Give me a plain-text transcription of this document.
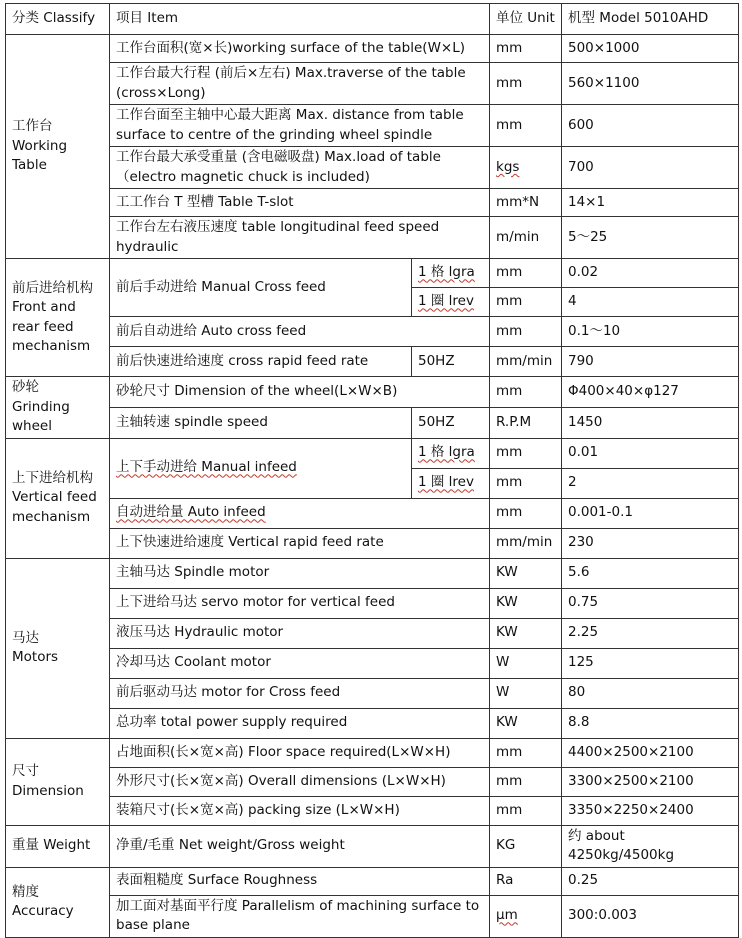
分类 Classify	项目 Item		单位 Unit	机型 Model 5010AHD
工作台
Working Table	工作台面积(宽×长)working surface of the table(W×L)		mm	500×1000
	工作台最大行程 (前后×左右) Max.traverse of the table (cross×Long)		mm	560×1100
	工作台面至主轴中心最大距离 Max. distance from table surface to centre of the grinding wheel spindle		mm	600
	工作台最大承受重量 (含电磁吸盘) Max.load of table （electro magnetic chuck is included)		kgs	700
	工工作台 T 型槽 Table T-slot		mm*N	14×1
	工作台左右液压速度 table longitudinal feed speed hydraulic		m/min	5～25
前后进给机构
Front and rear feed mechanism	前后手动进给 Manual Cross feed	1 格 lgra	mm	0.02
		1 圈 lrev	mm	4
	前后自动进给 Auto cross feed		mm	0.1～10
	前后快速进给速度 cross rapid feed rate	50HZ	mm/min	790
砂轮
Grinding wheel	砂轮尺寸 Dimension of the wheel(L×W×B)		mm	Φ400×40×φ127
	主轴转速 spindle speed	50HZ	R.P.M	1450
上下进给机构
Vertical feed mechanism	上下手动进给 Manual infeed	1 格 lgra	mm	0.01
		1 圈 lrev	mm	2
	自动进给量 Auto infeed		mm	0.001-0.1
	上下快速进给速度 Vertical rapid feed rate		mm/min	230
马达
Motors	主轴马达 Spindle motor		KW	5.6
	上下进给马达 servo motor for vertical feed		KW	0.75
	液压马达 Hydraulic motor		KW	2.25
	冷却马达 Coolant motor		W	125
	前后驱动马达 motor for Cross feed		W	80
	总功率 total power supply required		KW	8.8
尺寸
Dimension	占地面积(长×宽×高) Floor space required(L×W×H)		mm	4400×2500×2100
	外形尺寸(长×宽×高) Overall dimensions (L×W×H)		mm	3300×2500×2100
	装箱尺寸(长×宽×高) packing size (L×W×H)		mm	3350×2250×2400
重量 Weight	净重/毛重 Net weight/Gross weight		KG	约 about 4250kg/4500kg
精度
Accuracy	表面粗糙度 Surface Roughness		Ra	0.25
	加工面对基面平行度 Parallelism of machining surface to base plane		μm	300:0.003
